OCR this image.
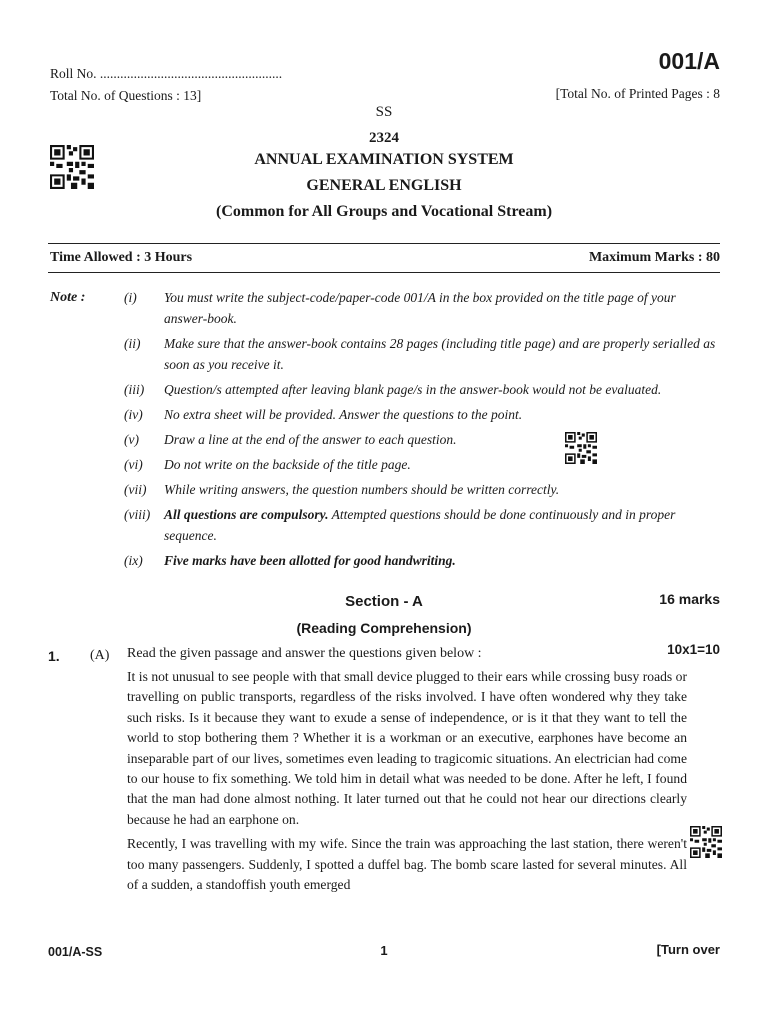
Roll No. ......................................................
Total No. of Questions : 13]
001/A
[Total No. of Printed Pages : 8
SS
2324
ANNUAL EXAMINATION SYSTEM
GENERAL ENGLISH
(Common for All Groups and Vocational Stream)
Time Allowed : 3 Hours	Maximum Marks : 80
Note :	(i)	You must write the subject-code/paper-code 001/A in the box provided on the title page of your answer-book.
(ii)	Make sure that the answer-book contains 28 pages (including title page) and are properly serialled as soon as you receive it.
(iii)	Question/s attempted after leaving blank page/s in the answer-book would not be evaluated.
(iv)	No extra sheet will be provided. Answer the questions to the point.
(v)	Draw a line at the end of the answer to each question.
(vi)	Do not write on the backside of the title page.
(vii)	While writing answers, the question numbers should be written correctly.
(viii)	All questions are compulsory. Attempted questions should be done continuously and in proper sequence.
(ix)	Five marks have been allotted for good handwriting.
Section - A	16 marks
(Reading Comprehension)
1. (A) Read the given passage and answer the questions given below :	10x1=10

It is not unusual to see people with that small device plugged to their ears while crossing busy roads or travelling on public transports, regardless of the risks involved. I have often wondered why they take such risks. Is it because they want to exude a sense of independence, or is it that they want to tell the world to stop bothering them ? Whether it is a workman or an executive, earphones have become an inseparable part of our lives, sometimes even leading to tragicomic situations. An electrician had come to our house to fix something. We told him in detail what was needed to be done. After he left, I found that the man had done almost nothing. It later turned out that he could not hear our directions clearly because he had an earphone on.

Recently, I was travelling with my wife. Since the train was approaching the last station, there weren't too many passengers. Suddenly, I spotted a duffel bag. The bomb scare lasted for several minutes. All of a sudden, a standoffish youth emerged

001/A-SS	1	[Turn over
